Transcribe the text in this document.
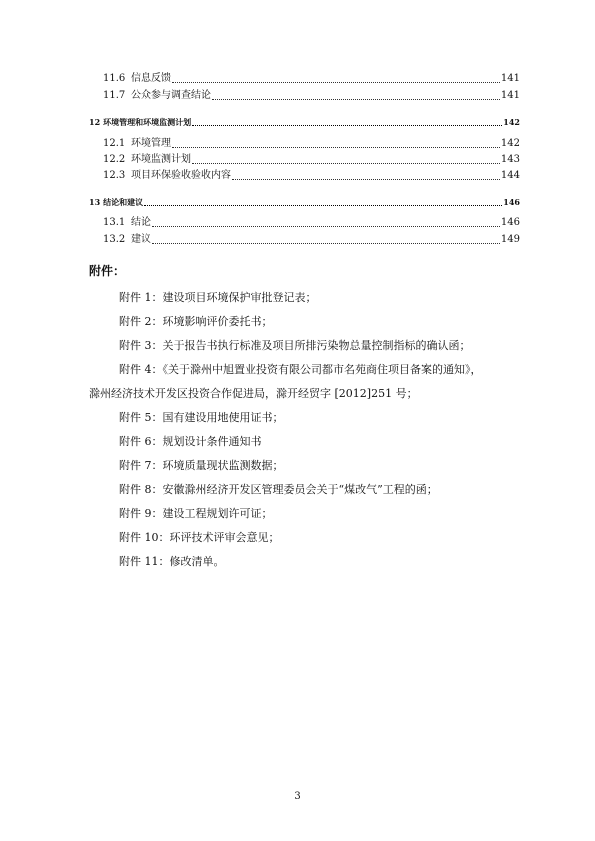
11.6 信息反馈	141
11.7 公众参与调查结论	141
12 环境管理和环境监测计划	142
12.1 环境管理	142
12.2 环境监测计划	143
12.3 项目环保验收验收内容	144
13 结论和建议	146
13.1 结论	146
13.2 建议	149
附件：
附件 1：建设项目环境保护审批登记表；
附件 2：环境影响评价委托书；
附件 3：关于报告书执行标准及项目所排污染物总量控制指标的确认函；
附件 4：《关于滁州中旭置业投资有限公司都市名苑商住项目备案的通知》，
滁州经济技术开发区投资合作促进局，滁开经贸字 [2012]251 号；
附件 5：国有建设用地使用证书；
附件 6：规划设计条件通知书
附件 7：环境质量现状监测数据；
附件 8：安徽滁州经济开发区管理委员会关于“煤改气”工程的函；
附件 9：建设工程规划许可证；
附件 10：环评技术评审会意见；
附件 11：修改清单。
3
